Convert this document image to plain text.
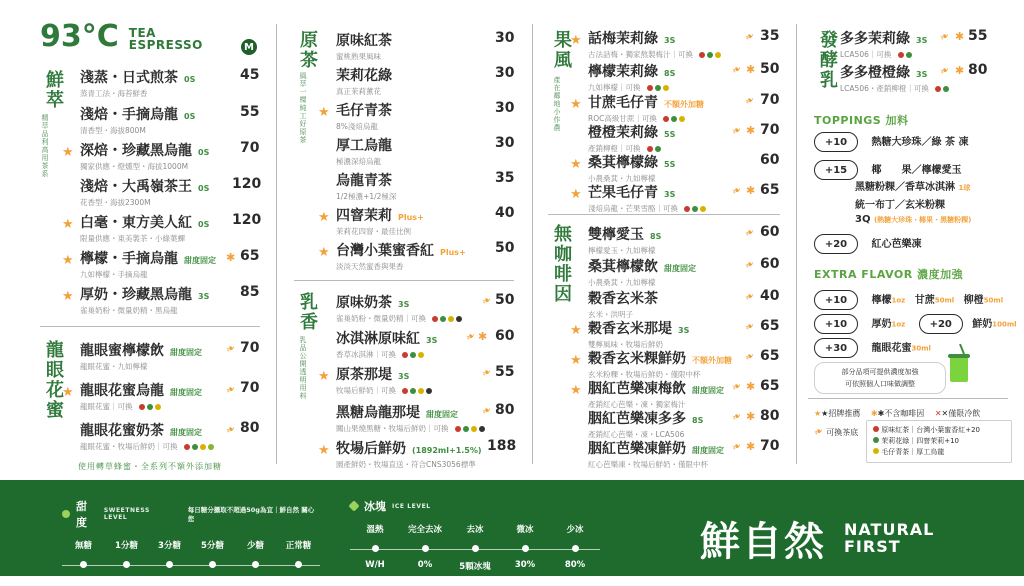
93°C TEA
ESPRESSO	M
鮮萃
精萃品利高用茶系
淺蒸・日式煎茶 0S
蒸青工法・海苔鮮香
45
淺焙・手摘烏龍 0S
清香型・海拔800M
55
★ 深焙・珍藏黑烏龍 0S
獨家供應・燈燻型・海拔1000M
70
淺焙・大禹嶺茶王 0S
花香型・海拔2300M
120
★ 白毫・東方美人紅 0S
限量供應・東美製茶・小綠葉蟬
120
★ 檸檬・手摘烏龍 甜度固定
九如檸檬・手摘烏龍
65
✱
★ 厚奶・珍藏黑烏龍 3S
雀巢奶粉・微量奶精・黑烏龍
85
龍眼花蜜 龍眼蜜檸檬飲 甜度固定
龍眼花蜜・九如檸檬
❧ 70
★ 龍眼花蜜烏龍 甜度固定
龍眼花蜜｜可換
❧ 70
龍眼花蜜奶茶 甜度固定
龍眼花蜜・牧場后鮮奶｜可換
❧ 80
使用轉草蜂蜜・全系列不額外添加糖
原茶
風萃一棵純工好原茶
原味紅茶
蜜桃熟果風味
30
茉莉花綠
真正茉莉薰花
30
★ 毛仔青茶
8%淺焙烏龍
30
厚工烏龍
極濃深焙烏龍
30
烏龍青茶
1/2極濃+1/2極深
35
★ 四窨茉莉 Plus+
茉莉花四窨・最佳比例
40
★ 台灣小葉蜜香紅 Plus+
淡淡天然蜜香與果香
50
乳香
乳品公開透明用料
原味奶茶 3S
雀巢奶粉・微量奶精｜可換
❧ 50
冰淇淋原味紅 3S
香草冰淇淋｜可換
❧ ✱ 60
★ 原茶那堤 3S
牧場后鮮奶｜可換
❧ 55
黑糖烏龍那堤 甜度固定
關山果燒黑糖・牧場后鮮奶｜可換
❧ 80
★ 牧場后鮮奶 (1892ml+1.5%)
園產鮮奶・牧場直送・符合CNS3056標準
188
果風
產在鄰地小作農
★ 話梅茉莉綠 3S
古法話梅・獨家熬製梅汁｜可換
❧ 35
檸檬茉莉綠 8S
九如檸檬｜可換
❧ ✱ 50
★ 甘蔗毛仔青 不額外加糖
ROC高級甘蔗｜可換
❧ 70
橙橙茉莉綠 5S
產銷柳橙｜可換
❧ ✱ 70
★ 桑萁檸檬綠 5S
小農桑萁・九如檸檬
60
★ 芒果毛仔青 3S
淺焙烏龍・芒果雪酪｜可換
❧ ✱ 65
無咖啡因 雙檸愛玉 8S
檸檬愛玉・九如檸檬
❧ 60
桑萁檸檬飲 甜度固定
小農桑萁・九如檸檬
❧ 60
穀香玄米茶
玄米・洪明子
❧ 40
★ 穀香玄米那堤 3S
雙檸風味・牧場后鮮奶
❧ 65
★ 穀香玄米粿鮮奶 不額外加糖
玄米粉粿・牧場后鮮奶・僅限中杯
❧ 65
★ 胭紅芭樂凍梅飲 甜度固定
產銷紅心芭樂・凍・獨家梅汁
❧ ✱ 65
胭紅芭樂凍多多 8S
產銷紅心芭樂・凍・LCA506
❧ ✱ 80
胭紅芭樂凍鮮奶 甜度固定
紅心芭樂凍・牧場后鮮奶・僅限中杯
❧ ✱ 70
發酵乳 多多茉莉綠 3S
LCA506｜可換
❧ ✱ 55
多多橙橙綠 3S
LCA506・產銷柳橙｜可換
❧ ✱ 80
TOPPINGS 加料
+10 熱糖大珍珠／綠 茶 凍
+15 椰　　果／檸檬愛玉
黑糖粉粿／香草冰淇淋 1球
統一布丁／玄米粉粿
3Q (熱糖大珍珠・椰果・黑糖粉粿)
+20 紅心芭樂凍
EXTRA FLAVOR 濃度加強
+10 檸檬1oz 甘蔗50ml 柳橙50ml
+10 厚奶1oz +20 鮮奶100ml
+30 龍眼花蜜30ml
部分品項可提供濃度加強
可依照個人口味做調整
★★招牌推薦 ✱✱不含咖啡因 ✕✕僅限冷飲
❧可換茶底	原味紅茶｜台灣小葉蜜香紅+20
茉莉花綠｜四窨茉莉+10
毛仔青茶｜厚工烏龍
甜度
SWEETNESS LEVEL
每日糖分攝取不超過50g為宜｜鮮自然 關心您
無糖	1分糖	3分糖	5分糖	少糖	正常糖
0S	1S	3S	5S	8S	10S
冰塊 ICE LEVEL
溫熱	完全去冰	去冰	微冰	少冰
W/H	0%	5顆冰塊	30%	80%	鮮自然 NATURAL
FIRST
